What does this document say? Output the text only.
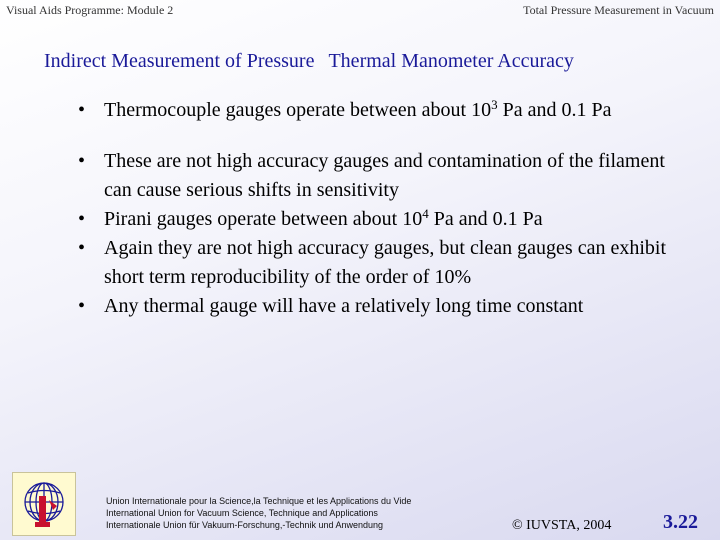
Visual Aids Programme: Module 2	Total Pressure Measurement in Vacuum
Indirect Measurement of Pressure Thermal Manometer Accuracy
• Thermocouple gauges operate between about $10^3$ Pa and 0.1 Pa
• These are not high accuracy gauges and contamination of the filament can cause serious shifts in sensitivity
• Pirani gauges operate between about $10^4$ Pa and 0.1 Pa
• Again they are not high accuracy gauges, but clean gauges can exhibit short term reproducibility of the order of 10%
• Any thermal gauge will have a relatively long time constant
Union Internationale pour la Science,la Technique et les Applications du Vide
International Union for Vacuum Science, Technique and Applications
Internationale Union für Vakuum-Forschung,-Technik und Anwendung	© IUVSTA, 2004	3.22
